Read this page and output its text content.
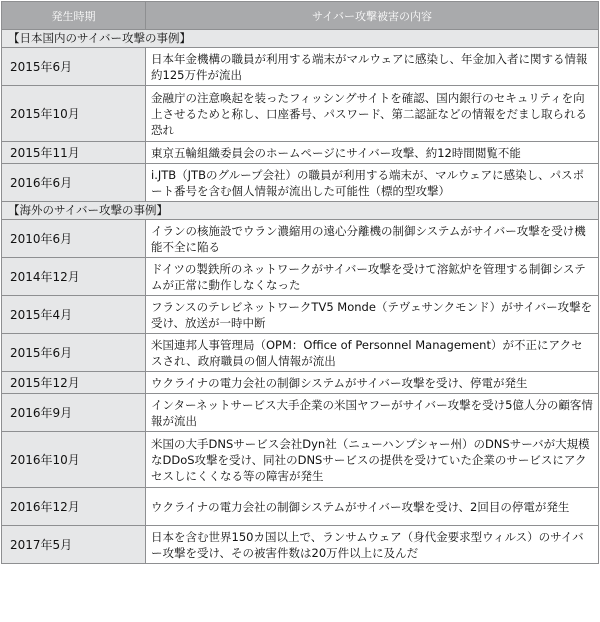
発生時期	サイバー攻撃被害の内容
【日本国内のサイバー攻撃の事例】	
2015年6月	日本年金機構の職員が利用する端末がマルウェアに感染し、年金加入者に関する情報約125万件が流出
2015年10月	金融庁の注意喚起を装ったフィッシングサイトを確認、国内銀行のセキュリティを向上させるためと称し、口座番号、パスワード、第二認証などの情報をだまし取られる恐れ
2015年11月	東京五輪組織委員会のホームページにサイバー攻撃、約12時間閲覧不能
2016年6月	i.JTB（JTBのグループ会社）の職員が利用する端末が、マルウェアに感染し、パスポート番号を含む個人情報が流出した可能性（標的型攻撃）
【海外のサイバー攻撃の事例】	
2010年6月	イランの核施設でウラン濃縮用の遠心分離機の制御システムがサイバー攻撃を受け機能不全に陥る
2014年12月	ドイツの製鉄所のネットワークがサイバー攻撃を受けて溶鉱炉を管理する制御システムが正常に動作しなくなった
2015年4月	フランスのテレビネットワークTV5 Monde（テヴェサンクモンド）がサイバー攻撃を受け、放送が一時中断
2015年6月	米国連邦人事管理局（OPM：Office of Personnel Management）が不正にアクセスされ、政府職員の個人情報が流出
2015年12月	ウクライナの電力会社の制御システムがサイバー攻撃を受け、停電が発生
2016年9月	インターネットサービス大手企業の米国ヤフーがサイバー攻撃を受け5億人分の顧客情報が流出
2016年10月	米国の大手DNSサービス会社Dyn社（ニューハンプシャー州）のDNSサーバが大規模なDDoS攻撃を受け、同社のDNSサービスの提供を受けていた企業のサービスにアクセスしにくくなる等の障害が発生
2016年12月	ウクライナの電力会社の制御システムがサイバー攻撃を受け、2回目の停電が発生
2017年5月	日本を含む世界150カ国以上で、ランサムウェア（身代金要求型ウィルス）のサイバー攻撃を受け、その被害件数は20万件以上に及んだ
